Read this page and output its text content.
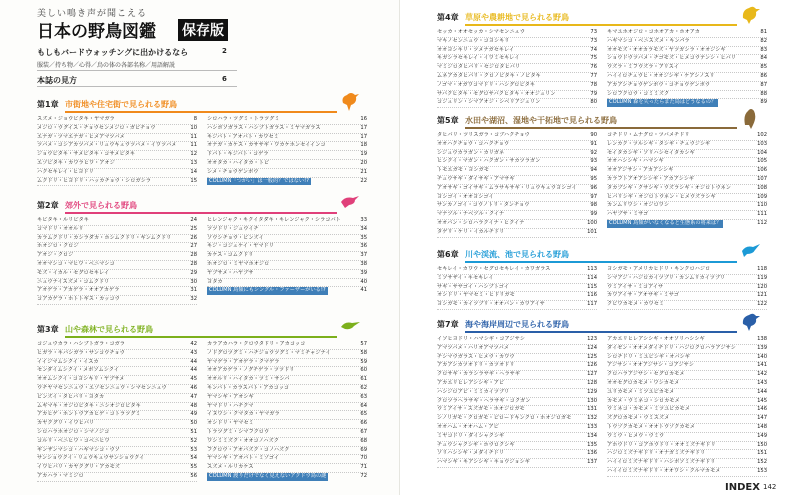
美しい鳴き声が聞こえる
日本の野鳥図鑑 保存版
もしもバードウォッチングに出かけるなら	2
服装／持ち物／心得／鳥の体の各部名称／用語解説
本誌の見方	6
第1章 市街地や住宅街で見られる野鳥
スズメ・ジョウビタキ・ヤマガラ	8
メジロ・ウグイス・チョウセンメジロ・ガビチョウ	10
エナガ・ツマエナガ・ヒメアマツバメ	11
ツバメ・コシアカツバメ・リュウキュウツバメ・イワツバメ	11
ジョウビタキ・サメビタキ・コサメビタキ	12
エゾビタキ・カワラヒワ・アオジ	13
ハクセキレイ・ヒヨドリ	14
ムクドリ・ヒヨドリ・ハッカチョウ・シロガシラ	15
シロハラ・ツグミ・トラツグミ	16
ハシボソガラス・ハシブトガラス・ミヤマガラス	17
キジバト・アオバト・カワセミ	17
オナガ・カケス・カササギ・ワカケホンセイインコ	18
ドバト・キジバト・コゲラ	19
オオタカ・ハイタカ・トビ	20
シメ・チョウゲンボウ	21
COLUMN「つがい」は一般的？ではない!?	22
第2章 郊外で見られる野鳥
キビタキ・ルリビタキ	24
コマドリ・オオルリ	25
カラムクドリ・カシラダカ・ホシムクドリ・ギンムクドリ	26
ホオジロ・クロジ	27
アオジ・クロジ	28
オオマシコ・マヒワ・ベニマシコ	28
モズ・イカル・セグロセキレイ	29
ニュウナイスズメ・コムクドリ	30
アオゲラ・アカゲラ・オオアカゲラ	31
コアカゲラ・ホトトギス・カッコウ	32
ヒレンジャク・キクイタダキ・キレンジャク・シラコバト	33
ツツドリ・ジュウイチ	34
ソウシチョウ・ビンズイ	35
キジ・コジュケイ・ヤマドリ	36
カケス・コムクドリ	37
ホオジロ・ミヤマホオジロ	38
ヤブサメ・ハヤブサ	39
ヨタカ	40
COLUMN 鳥類にもシングル・ファーザーがいる!?	41
第3章 山や森林で見られる野鳥
コジュウカラ・ハシブトガラ・コガラ	42
ヒガラ・キバシガラ・サンコウチョウ	43
イイジマムシクイ・イスカ	44
センダイムシクイ・メボソムシクイ	44
オオムシクイ・コヨシキリ・ヤブサメ	45
ウチヤマセンニュウ・エゾセンニュウ・シマセンニュウ	46
ビンズイ・タヒバリ・ヨタカ	47
ムギマキ・オジロビタキ・ニシオジロビタキ	48
アカヒゲ・ホントウアカヒゲ・コトラツグミ	49
カヤクグリ・イワヒバリ	50
シロハラホオジロ・シマノジコ	51
コルリ・ベニヒワ・コベニヒワ	52
ギンザンマシコ・ハギマシコ・ウソ	53
サンショウクイ・リュウキュウサンショウクイ	54
イワヒバリ・カヤクグリ・アカモズ	55
アカハラ・マミジロ	56
カラアカハラ・クロウタドリ・アカコッコ	57
ノドグロツグミ・ハチジョウツグミ・マミチャジナイ	58
ヤマゲラ・アオゲラ・クマゲラ	59
オオアカゲラ・ノグチゲラ・ツツドリ	60
オオルリ・ハイタカ・ツミ・サシバ	61
キンバト・カラスバト・アカコッコ	62
ヤマシギ・アオシギ	63
ヤマドリ・ハチクマ	64
イヌワシ・クマタカ・ヤマガラ	65
オシドリ・ヤマセミ	66
トラツグミ・シマフクロウ	67
ワシミミズク・オオコノハズク	68
フクロウ・アオバズク・コノハズク	69
ヤマシギ・アオバト・ミゾゴイ	70
スズメ・ルリカケス	71
COLUMN 渡りだけでなく見えないアクドウ鳥の謎	72
第4章 草原や農耕地で見られる野鳥
セッカ・オオセッカ・シマセンニュウ	73
マキノセンニュウ・コヨシキリ	73
オオヨシキリ・ツメナガセキレイ	74
キガシラセキレイ・イワミセキレイ	75
マミジロタヒバリ・セジロタヒバリ	76
ムネアカタヒバリ・クロノビタキ・ノビタキ	77
ノゴマ・オガワコマドリ・ハシグロビタキ	78
サバクヒタキ・セグロサバクヒタキ・オオジュリン	79
コジュリン・シマアオジ・シベリアジュリン	80
キマユホオジロ・コホオアカ・ホオアカ	81
ハギマシコ・ベニスズメ・キンパラ	82
オオモズ・オオカラモズ・ヤツガシラ・オオジシギ	83
ショウドウツバメ・チゴモズ・ヒメコウテンシ・ヒバリ	84
ウズラ・ミフウズラ・アリスイ	85
ハイイロチュウヒ・オオジシギ・ケアシノスリ	86
アカアシチョウゲンボウ・コチョウゲンボウ	87
シロフクロウ・コミミズク	88
COLUMN 森を失ったらまた鳥はどうなるの？	89
第5章 水田や湖沼、湿地や干拓地で見られる野鳥
タヒバリ・ツリスガラ・コブハクチョウ	90
オオハクチョウ・コハクチョウ	91
シジュウカラガン・カリガネ	92
ヒシクイ・マガン・ハクガン・サカツラガン	93
トモエガモ・ヨシガモ	94
チュウサギ・ダイサギ・アマサギ	95
アオサギ・ゴイサギ・ムラサキサギ・リュウキュウヨシゴイ	96
ヨシゴイ・オオヨシゴイ	97
サンカノゴイ・コウノトリ・タンチョウ	98
マナヅル・ナベヅル・クイナ	99
オオバン・シロハラクイナ・ヒクイナ	100
タゲリ・ケリ・イカルチドリ	101
コチドリ・ムナグロ・ツバメチドリ	102
レンカク・ツルシギ・タシギ・チュウジシギ	103
セイタカシギ・ソリハシセイタカシギ	104
オオハシシギ・ハマシギ	105
オオアジサシ・アカアシシギ	106
カラフトアオアシシギ・アカアシシギ	107
タカブシギ・クサシギ・ウズラシギ・オジロトウネン	108
ヒバリシギ・オジロトウネン・ヒメウズラシギ	109
カンムリワシ・オジロワシ	110
ハヤブサ・ミサゴ	111
COLUMN 鳥類がいなくなると生態系の将来は？	112
第6章 川や渓流、池で見られる野鳥
セキレイ・カワウ・セグロセキレイ・カワガラス	113
ミソサザイ・キセキレイ	114
サギ・ササゴイ・ハシブトゴイ	115
オシドリ・ヤマセミ・ヒドリガモ	116
ヨシガモ・カイツブリ・オオバン・カワアイサ	117
ヨシガモ・アメリカヒドリ・キンクロハジロ	118
シマアジ・ハジロカイツブリ・カンムリカイツブリ	119
ウミアイサ・ミコアイサ	120
カワアイサ・アオサギ・ミサゴ	121
クビワカモメ・カワセミ	122
第7章 海や海岸周辺で見られる野鳥
イソヒヨドリ・ハマシギ・コアジサシ	123
アマツバメ・ハリオアマツバメ	124
チシマウガラス・ヒメウ・カワウ	125
アカアシカツオドリ・カツオドリ	126
クロサギ・カラシラサギ・ヘラサギ	127
アカエリヒレアシシギ・アビ	128
ハシジロアビ・ミミカイツブリ	129
クロツラヘラサギ・ヘラサギ・コクガン	130
ウミアイサ・スズガモ・ホオジロガモ	131
シノリガモ・クロガモ・ビロードキンクロ・ホオジロガモ	132
オオハム・オオハム・アビ	133
ミヤコドリ・ダイシャクシギ	134
チュウシャクシギ・ホウロクシギ	135
ソリハシシギ・メダイチドリ	136
ハマシギ・キアシシギ・キョウジョシギ	137
アカエリヒレアシシギ・オオソリハシシギ	138
ダイゼン・オオメダイチドリ・ハジロクロハラアジサシ	139
シロチドリ・ミユビシギ・オバシギ	140
アジサシ・オオアジサシ・コアジサシ	141
クロハラアジサシ・セグロカモメ	142
オオセグロカモメ・ワシカモメ	143
ユリカモメ・ミツユビカモメ	144
カモメ・ウミネコ・シロカモメ	145
ウミネコ・カモメ・ミツユビカモメ	146
ズグロカモメ・ウミスズメ	147
トウゾクカモメ・オオトウゾクカモメ	148
ウミウ・ヒメウ・ウミウ	149
アホウドリ・コアホウドリ・オオミズナギドリ	150
ハジロミズナギドリ・オナガミズナギドリ	151
ハイイロミズナギドリ・ハシボソミズナギドリ	152
ハイイロミズナギドリ・オオワシ・クルマカモメ	153
INDEX 142
